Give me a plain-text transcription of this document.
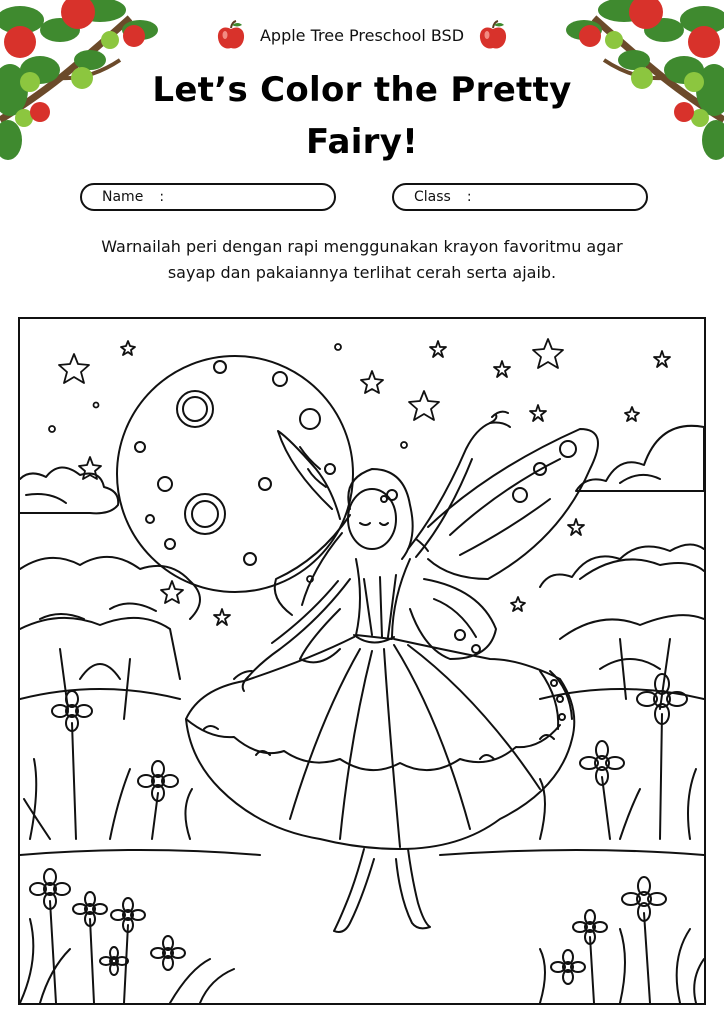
Apple Tree Preschool BSD
Let’s Color the Pretty
Fairy!
Name :	Class :
Warnailah peri dengan rapi menggunakan krayon favoritmu agar
sayap dan pakaiannya terlihat cerah serta ajaib.
